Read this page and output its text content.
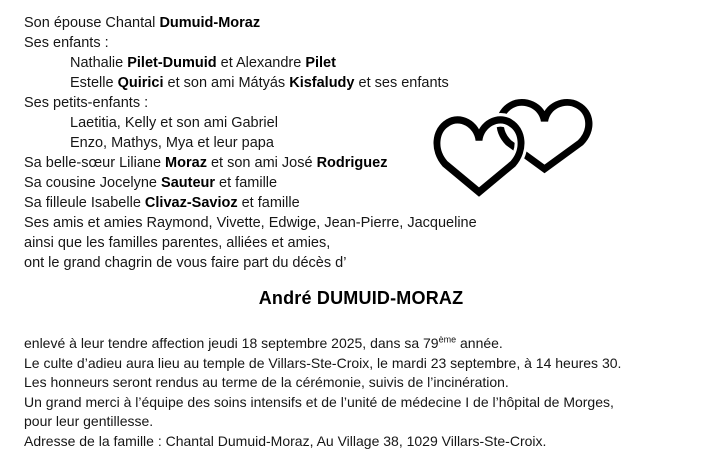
Son épouse Chantal Dumuid-Moraz
Ses enfants :
Nathalie Pilet-Dumuid et Alexandre Pilet
Estelle Quirici et son ami Mátyás Kisfaludy et ses enfants
Ses petits-enfants :
Laetitia, Kelly et son ami Gabriel
Enzo, Mathys, Mya et leur papa
Sa belle-sœur Liliane Moraz et son ami José Rodriguez
Sa cousine Jocelyne Sauteur et famille
Sa filleule Isabelle Clivaz-Savioz et famille
Ses amis et amies Raymond, Vivette, Edwige, Jean-Pierre, Jacqueline
ainsi que les familles parentes, alliées et amies,
ont le grand chagrin de vous faire part du décès d’
André DUMUID-MORAZ
enlevé à leur tendre affection jeudi 18 septembre 2025, dans sa 79ème année.
Le culte d’adieu aura lieu au temple de Villars-Ste-Croix, le mardi 23 septembre, à 14 heures 30.
Les honneurs seront rendus au terme de la cérémonie, suivis de l’incinération.
Un grand merci à l’équipe des soins intensifs et de l’unité de médecine I de l’hôpital de Morges,
pour leur gentillesse.
Adresse de la famille : Chantal Dumuid-Moraz, Au Village 38, 1029 Villars-Ste-Croix.
